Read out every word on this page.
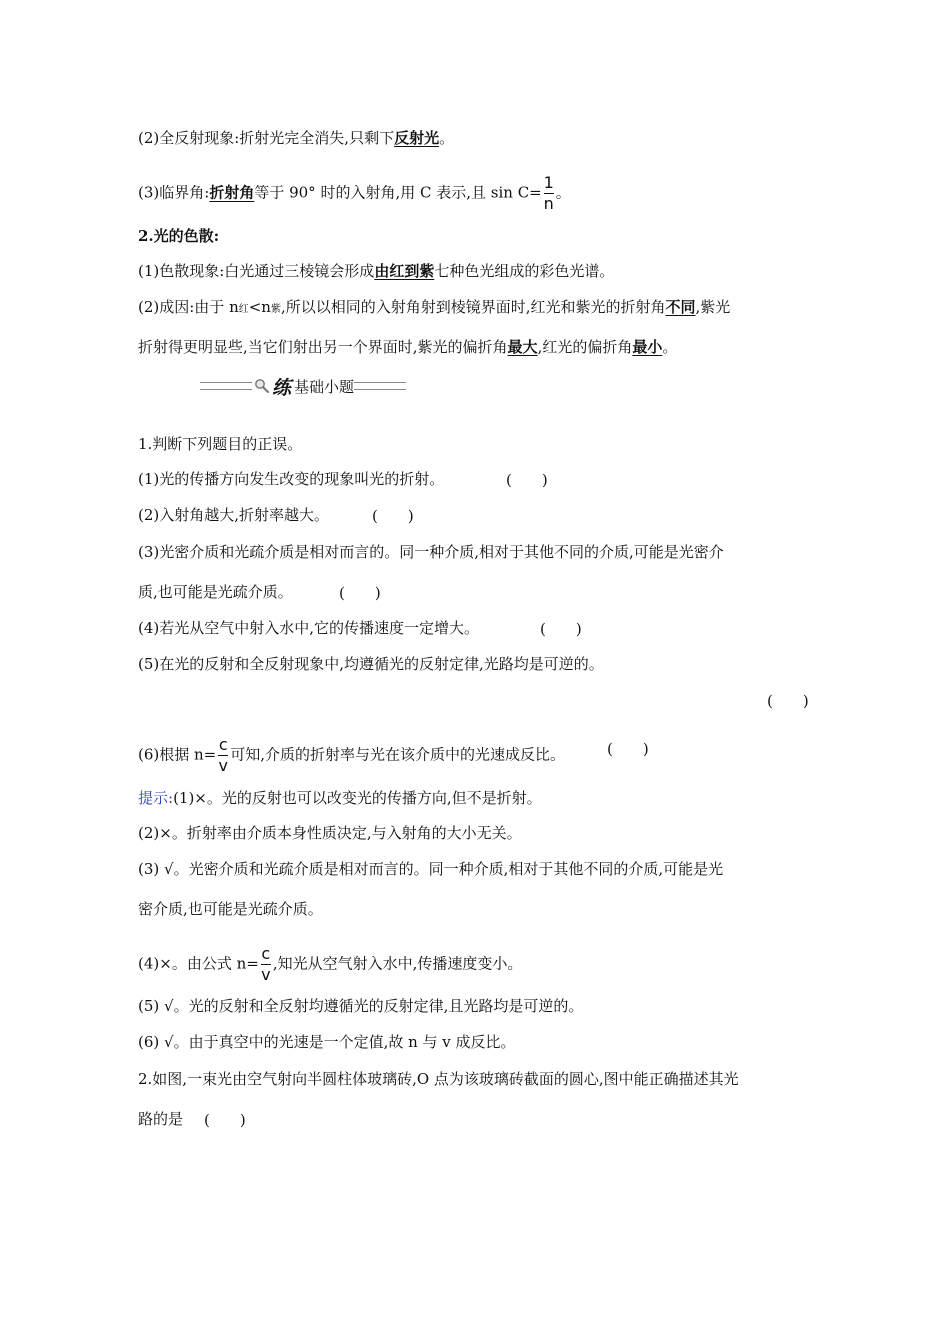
(2)全反射现象:折射光完全消失,只剩下反射光。
(3)临界角:折射角等于 90° 时的入射角,用 C 表示,且 $\sin C= \frac{1}{n}$ 。
2.光的色散:
(1)色散现象:白光通过三棱镜会形成由红到紫七种色光组成的彩色光谱。
(2)成因:由于 n红<n紫,所以以相同的入射角射到棱镜界面时,红光和紫光的折射角不同,紫光
折射得更明显些,当它们射出另一个界面时,紫光的偏折角最大,红光的偏折角最小。
练 基础小题
1.判断下列题目的正误。
(1)光的传播方向发生改变的现象叫光的折射。	(　　)
(2)入射角越大,折射率越大。	(　　)
(3)光密介质和光疏介质是相对而言的。同一种介质,相对于其他不同的介质,可能是光密介
质,也可能是光疏介质。	(　　)
(4)若光从空气中射入水中,它的传播速度一定增大。	(　　)
(5)在光的反射和全反射现象中,均遵循光的反射定律,光路均是可逆的。
(　　)
(6)根据 $n= \frac{c}{v}$ 可知,介质的折射率与光在该介质中的光速成反比。	(　　)
提示:(1)×。光的反射也可以改变光的传播方向,但不是折射。
(2)×。折射率由介质本身性质决定,与入射角的大小无关。
(3) √。光密介质和光疏介质是相对而言的。同一种介质,相对于其他不同的介质,可能是光
密介质,也可能是光疏介质。
(4)×。由公式 $n= \frac{c}{v}$ ,知光从空气射入水中,传播速度变小。
(5) √。光的反射和全反射均遵循光的反射定律,且光路均是可逆的。
(6) √。由于真空中的光速是一个定值,故 n 与 v 成反比。
2.如图,一束光由空气射向半圆柱体玻璃砖,O 点为该玻璃砖截面的圆心,图中能正确描述其光
路的是 (　　)
